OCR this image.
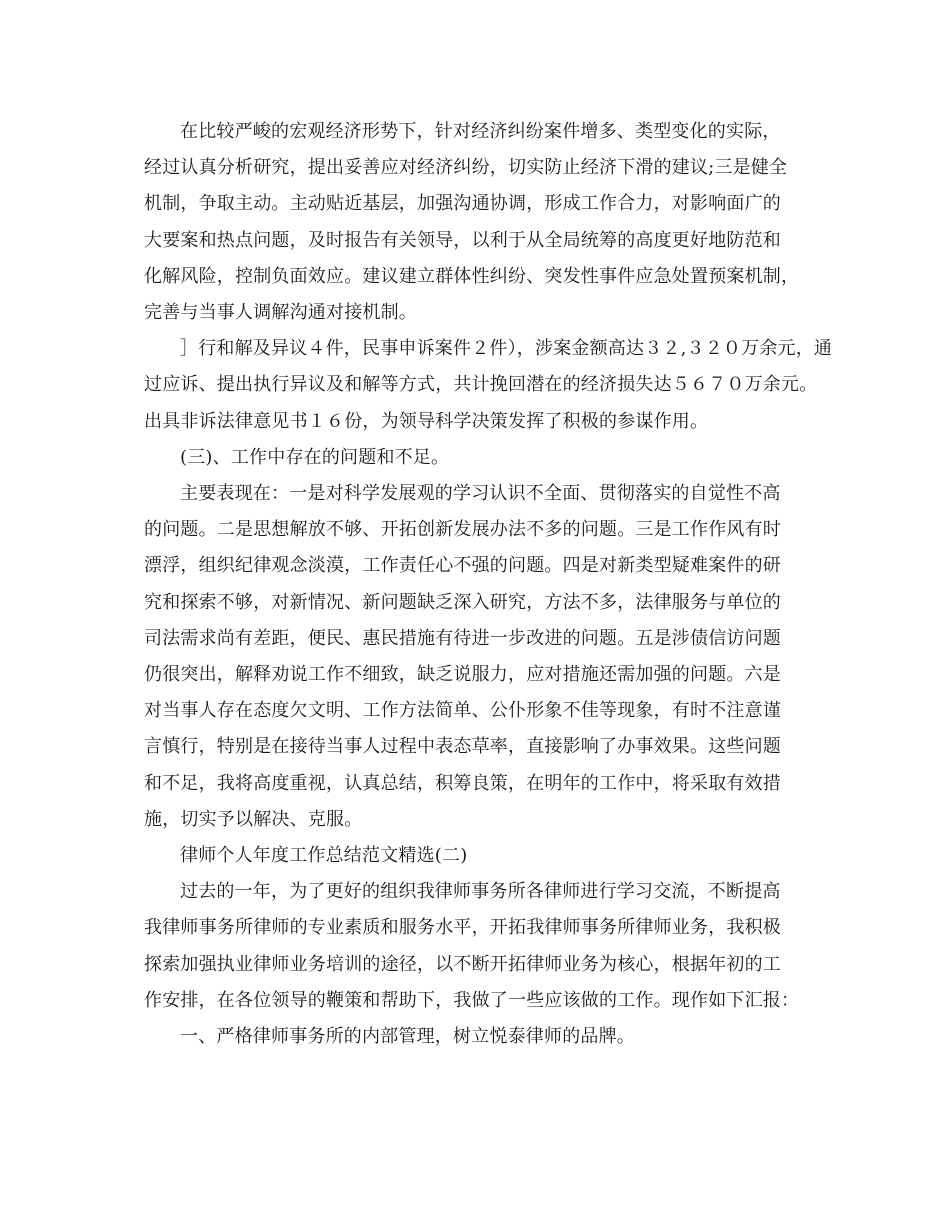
在比较严峻的宏观经济形势下，针对经济纠纷案件增多、类型变化的实际，
经过认真分析研究，提出妥善应对经济纠纷，切实防止经济下滑的建议;三是健全
机制，争取主动。主动贴近基层，加强沟通协调，形成工作合力，对影响面广的
大要案和热点问题，及时报告有关领导，以利于从全局统筹的高度更好地防范和
化解风险，控制负面效应。建议建立群体性纠纷、突发性事件应急处置预案机制，
完善与当事人调解沟通对接机制。

］行和解及异议４件，民事申诉案件２件），涉案金额高达３２,３２０万余元，通
过应诉、提出执行异议及和解等方式，共计挽回潜在的经济损失达５６７０万余元。
出具非诉法律意见书１６份，为领导科学决策发挥了积极的参谋作用。

(三)、工作中存在的问题和不足。

主要表现在：一是对科学发展观的学习认识不全面、贯彻落实的自觉性不高
的问题。二是思想解放不够、开拓创新发展办法不多的问题。三是工作作风有时
漂浮，组织纪律观念淡漠，工作责任心不强的问题。四是对新类型疑难案件的研
究和探索不够，对新情况、新问题缺乏深入研究，方法不多，法律服务与单位的
司法需求尚有差距，便民、惠民措施有待进一步改进的问题。五是涉债信访问题
仍很突出，解释劝说工作不细致，缺乏说服力，应对措施还需加强的问题。六是
对当事人存在态度欠文明、工作方法简单、公仆形象不佳等现象，有时不注意谨
言慎行，特别是在接待当事人过程中表态草率，直接影响了办事效果。这些问题
和不足，我将高度重视，认真总结，积筹良策，在明年的工作中，将采取有效措
施，切实予以解决、克服。

律师个人年度工作总结范文精选(二)

过去的一年，为了更好的组织我律师事务所各律师进行学习交流，不断提高
我律师事务所律师的专业素质和服务水平，开拓我律师事务所律师业务，我积极
探索加强执业律师业务培训的途径，以不断开拓律师业务为核心，根据年初的工
作安排，在各位领导的鞭策和帮助下，我做了一些应该做的工作。现作如下汇报：

一、严格律师事务所的内部管理，树立悦泰律师的品牌。
